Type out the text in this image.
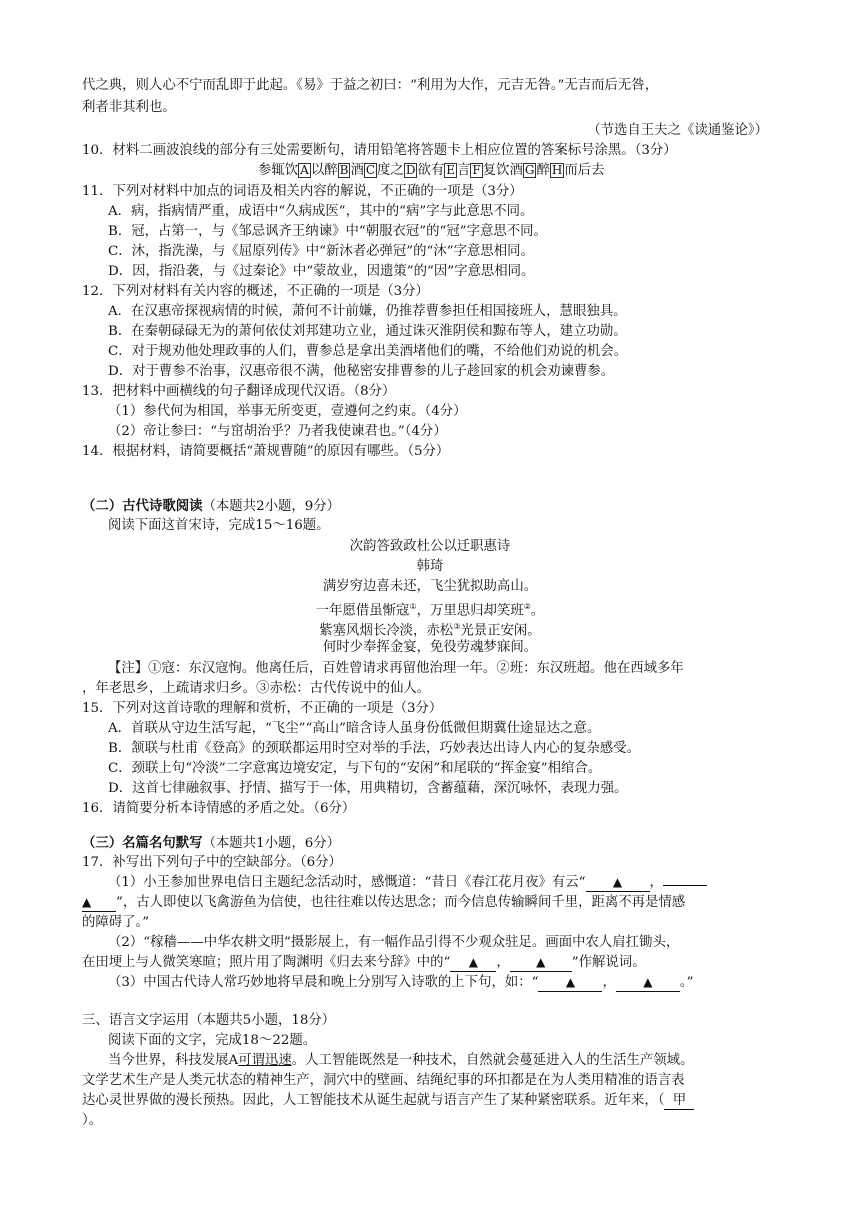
代之典，则人心不宁而乱即于此起。《易》于益之初曰：“利用为大作，元吉无咎。”无吉而后无咎，
利者非其利也。
（节选自王夫之《读通鉴论》）
10．材料二画波浪线的部分有三处需要断句，请用铅笔将答题卡上相应位置的答案标号涂黑。（3分）
参辄饮 A 以醉 B 酒 C 度之 D 欲有 E 言 F 复饮酒 G 醉 H 而后去
11．下列对材料中加点的词语及相关内容的解说，不正确的一项是（3分）
A．病，指病情严重，成语中“久病成医”，其中的“病”字与此意思不同。
B．冠，占第一，与《邹忌讽齐王纳谏》中“朝服衣冠”的“冠”字意思不同。
C．沐，指洗澡，与《屈原列传》中“新沐者必弹冠”的“沐”字意思相同。
D．因，指沿袭，与《过秦论》中“蒙故业，因遗策”的“因”字意思相同。
12．下列对材料有关内容的概述，不正确的一项是（3分）
A．在汉惠帝探视病情的时候，萧何不计前嫌，仍推荐曹参担任相国接班人，慧眼独具。
B．在秦朝碌碌无为的萧何依仗刘邦建功立业，通过诛灭淮阴侯和黥布等人，建立功勋。
C．对于规劝他处理政事的人们，曹参总是拿出美酒堵他们的嘴，不给他们劝说的机会。
D．对于曹参不治事，汉惠帝很不满，他秘密安排曹参的儿子趁回家的机会劝谏曹参。
13．把材料中画横线的句子翻译成现代汉语。（8分）
（1）参代何为相国，举事无所变更，壹遵何之约束。（4分）
（2）帝让参曰：“与窋胡治乎？乃者我使谏君也。”（4分）
14．根据材料，请简要概括“萧规曹随”的原因有哪些。（5分）
（二）古代诗歌阅读（本题共2小题，9分）
阅读下面这首宋诗，完成15～16题。
次韵答致政杜公以迁职惠诗
韩琦
满岁穷边喜未还，飞尘犹拟助高山。
一年愿借虽惭寇①，万里思归却笑班②。
紫塞风烟长冷淡，赤松③光景正安闲。
何时少奉挥金宴，免役劳魂梦寐间。
【注】①寇：东汉寇恂。他离任后，百姓曾请求再留他治理一年。②班：东汉班超。他在西域多年
，年老思乡，上疏请求归乡。③赤松：古代传说中的仙人。
15．下列对这首诗歌的理解和赏析，不正确的一项是（3分）
A．首联从守边生活写起，“飞尘”“高山”暗含诗人虽身份低微但期冀仕途显达之意。
B．颔联与杜甫《登高》的颈联都运用时空对举的手法，巧妙表达出诗人内心的复杂感受。
C．颈联上句“冷淡”二字意寓边境安定，与下句的“安闲”和尾联的“挥金宴”相绾合。
D．这首七律融叙事、抒情、描写于一体，用典精切，含蓄蕴藉，深沉咏怀，表现力强。
16．请简要分析本诗情感的矛盾之处。（6分）
（三）名篇名句默写（本题共1小题，6分）
17．补写出下列句子中的空缺部分。（6分）
（1）小王参加世界电信日主题纪念活动时，感慨道：“昔日《春江花月夜》有云“ ▲ ，
▲ ”，古人即使以飞禽游鱼为信使，也往往难以传达思念；而今信息传输瞬间千里，距离不再是情感
的障碍了。”
（2）“稼穑——中华农耕文明”摄影展上，有一幅作品引得不少观众驻足。画面中农人肩扛锄头，
在田埂上与人微笑寒暄；照片用了陶渊明《归去来兮辞》中的“ ▲ ， ▲ ”作解说词。
（3）中国古代诗人常巧妙地将早晨和晚上分别写入诗歌的上下句，如：“ ▲ ， ▲ 。”
三、语言文字运用（本题共5小题，18分）
阅读下面的文字，完成18～22题。
当今世界，科技发展A可谓迅速。人工智能既然是一种技术，自然就会蔓延进入人的生活生产领域。
文学艺术生产是人类元状态的精神生产，洞穴中的壁画、结绳纪事的环扣都是在为人类用精准的语言表
达心灵世界做的漫长预热。因此，人工智能技术从诞生起就与语言产生了某种紧密联系。近年来，（ 甲
）。
